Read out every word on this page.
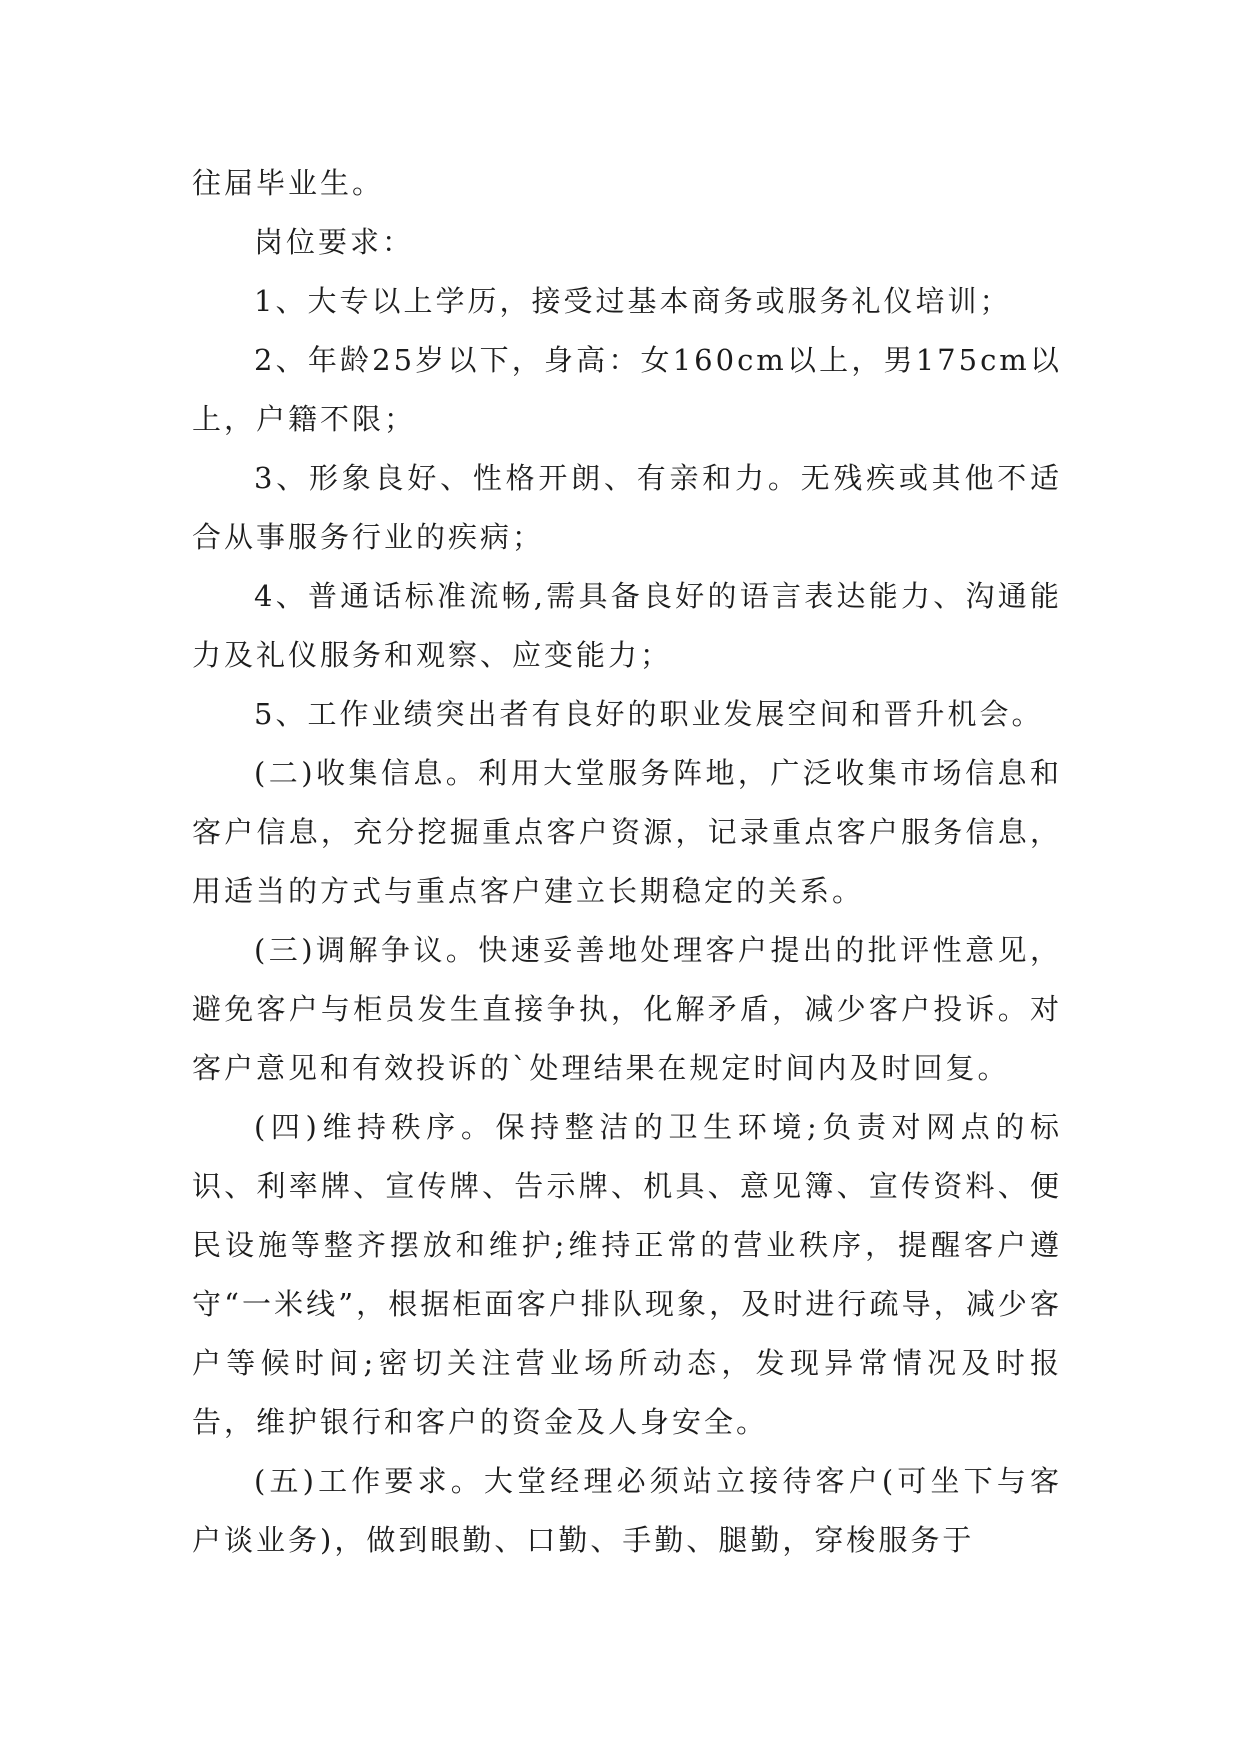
往届毕业生。

岗位要求：

1、大专以上学历，接受过基本商务或服务礼仪培训；

2、年龄25岁以下，身高：女160cm以上，男175cm以上，户籍不限；

3、形象良好、性格开朗、有亲和力。无残疾或其他不适合从事服务行业的疾病；

4、普通话标准流畅,需具备良好的语言表达能力、沟通能力及礼仪服务和观察、应变能力；

5、工作业绩突出者有良好的职业发展空间和晋升机会。

(二)收集信息。利用大堂服务阵地，广泛收集市场信息和客户信息，充分挖掘重点客户资源，记录重点客户服务信息，用适当的方式与重点客户建立长期稳定的关系。

(三)调解争议。快速妥善地处理客户提出的批评性意见，避免客户与柜员发生直接争执，化解矛盾，减少客户投诉。对客户意见和有效投诉的`处理结果在规定时间内及时回复。

(四)维持秩序。保持整洁的卫生环境;负责对网点的标识、利率牌、宣传牌、告示牌、机具、意见簿、宣传资料、便民设施等整齐摆放和维护;维持正常的营业秩序，提醒客户遵守“一米线”，根据柜面客户排队现象，及时进行疏导，减少客户等候时间;密切关注营业场所动态，发现异常情况及时报告，维护银行和客户的资金及人身安全。

(五)工作要求。大堂经理必须站立接待客户(可坐下与客户谈业务)，做到眼勤、口勤、手勤、腿勤，穿梭服务于
